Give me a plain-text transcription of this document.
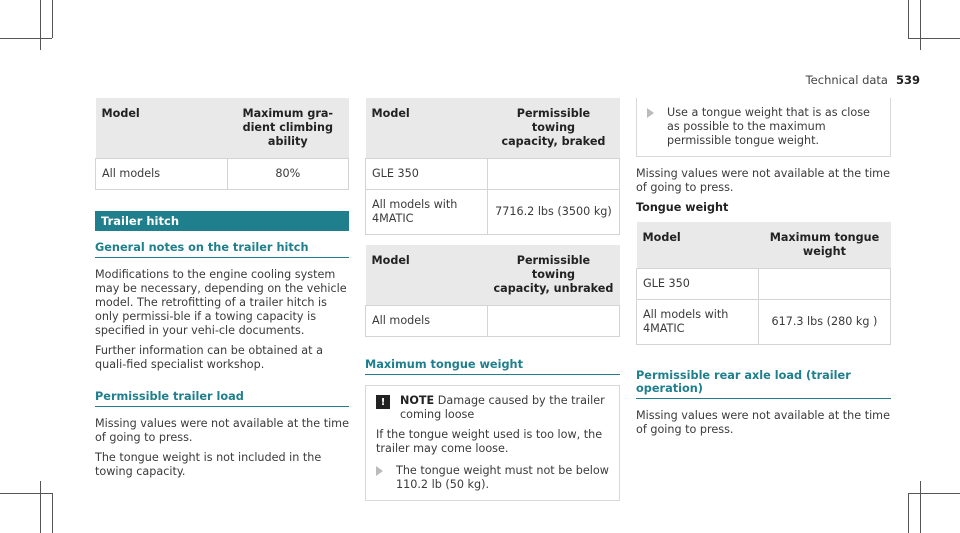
Technical data 539
Model	Maximum gra-
dient climbing
ability
All models	80%
Trailer hitch
General notes on the trailer hitch

Modifications to the engine cooling system may be necessary, depending on the vehicle model. The retrofitting of a trailer hitch is only permissi-ble if a towing capacity is specified in your vehi-cle documents.

Further information can be obtained at a quali-fied specialist workshop.

Permissible trailer load

Missing values were not available at the time of going to press.

The tongue weight is not included in the towing capacity.

Model	Permissible towing
capacity, braked
GLE 350	
All models with
4MATIC	7716.2 lbs (3500 kg)
Model	Permissible towing
capacity, unbraked
All models	
Maximum tongue weight
!	NOTE Damage caused by the trailer coming loose

If the tongue weight used is too low, the trailer may come loose.

The tongue weight must not be below 110.2 lb (50 kg).
Use a tongue weight that is as close as possible to the maximum permissible tongue weight.

Missing values were not available at the time of going to press.

Tongue weight
Model	Maximum tongue
weight
GLE 350	
All models with
4MATIC	617.3 lbs (280 kg )
Permissible rear axle load (trailer operation)

Missing values were not available at the time of going to press.
